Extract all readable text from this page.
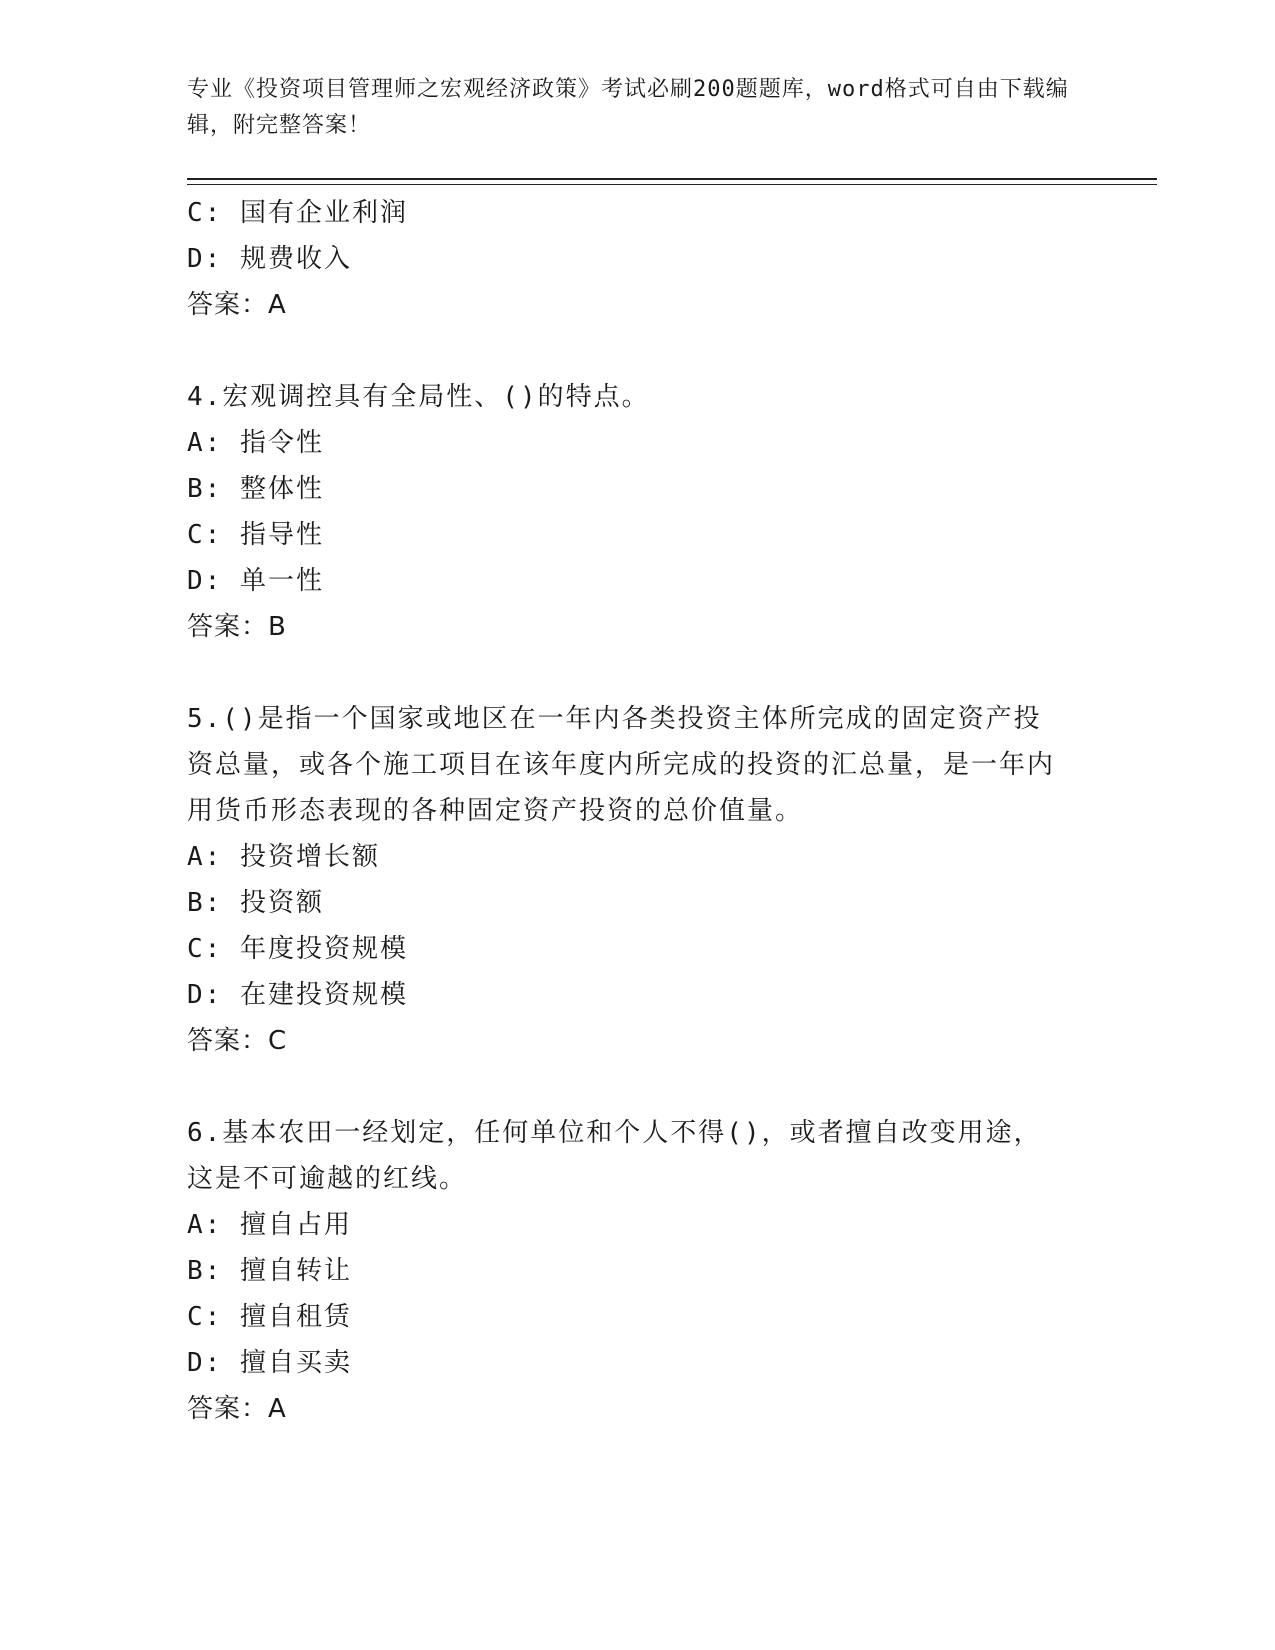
专业《投资项目管理师之宏观经济政策》考试必刷200题题库，word格式可自由下载编辑，附完整答案！

C: 国有企业利润

D: 规费收入

答案：A

4.宏观调控具有全局性、()的特点。

A: 指令性

B: 整体性

C: 指导性

D: 单一性

答案：B

5.()是指一个国家或地区在一年内各类投资主体所完成的固定资产投资总量，或各个施工项目在该年度内所完成的投资的汇总量，是一年内用货币形态表现的各种固定资产投资的总价值量。

A: 投资增长额

B: 投资额

C: 年度投资规模

D: 在建投资规模

答案：C

6.基本农田一经划定，任何单位和个人不得()，或者擅自改变用途，这是不可逾越的红线。

A: 擅自占用

B: 擅自转让

C: 擅自租赁

D: 擅自买卖

答案：A
